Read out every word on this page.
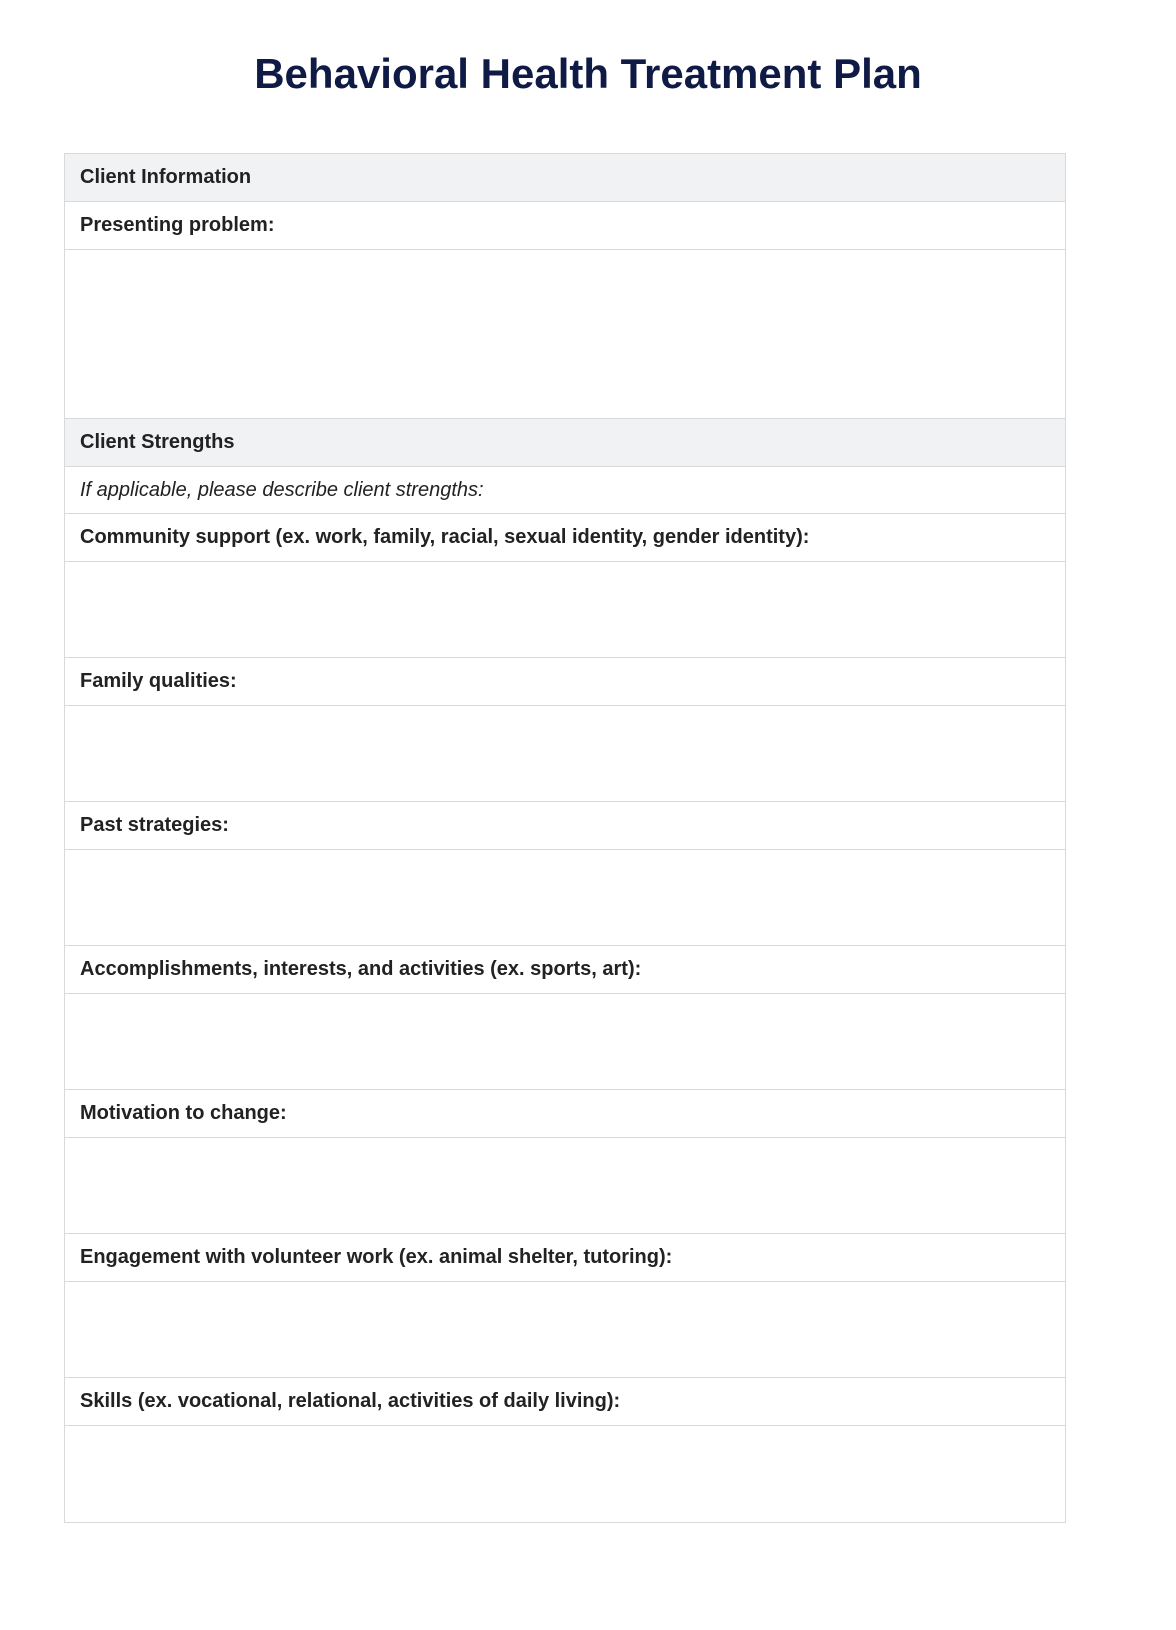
Behavioral Health Treatment Plan
Client Information
Presenting problem:
Client Strengths
If applicable, please describe client strengths:
Community support (ex. work, family, racial, sexual identity, gender identity):
Family qualities:
Past strategies:
Accomplishments, interests, and activities (ex. sports, art):
Motivation to change:
Engagement with volunteer work (ex. animal shelter, tutoring):
Skills (ex. vocational, relational, activities of daily living):
